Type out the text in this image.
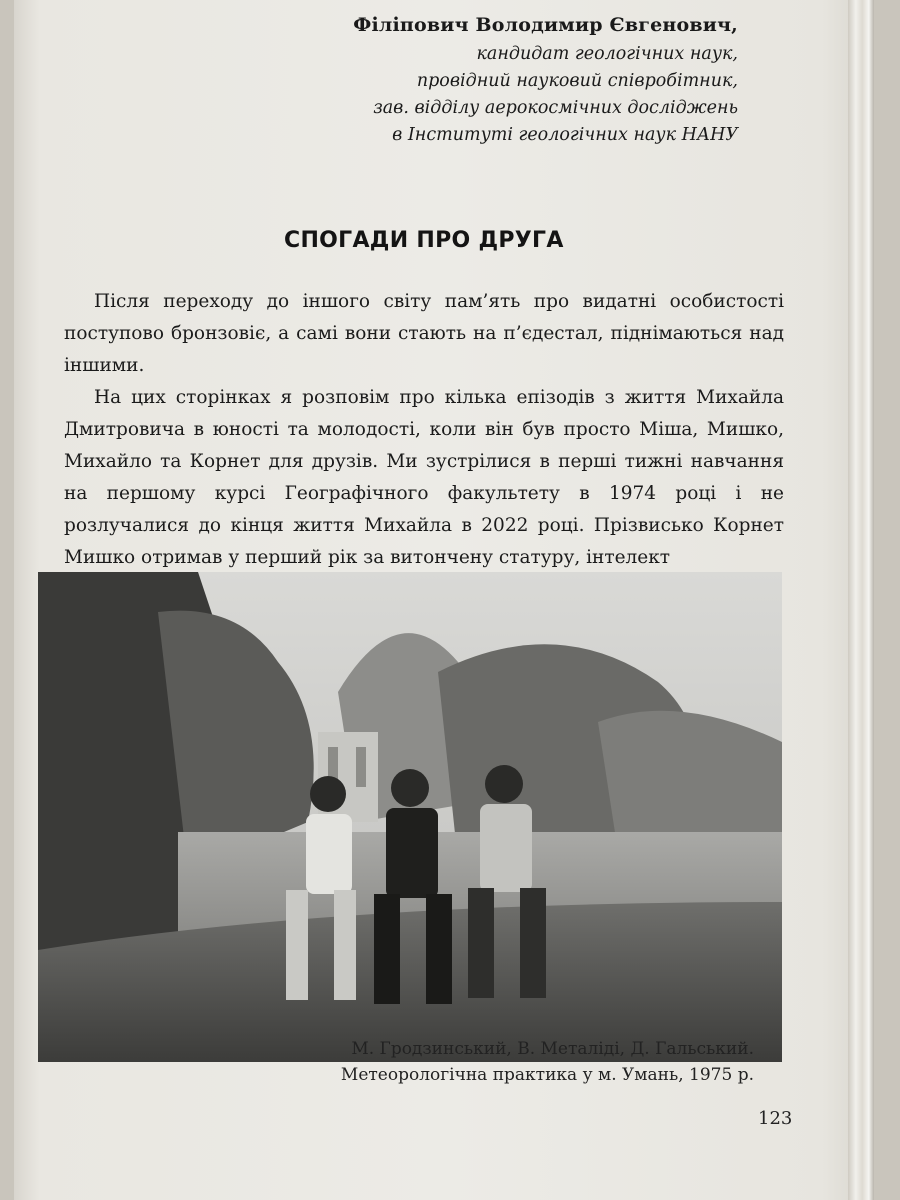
Філіпович Володимир Євгенович,

кандидат геологічних наук,

провідний науковий співробітник,

зав. відділу аерокосмічних досліджень

в Інституті геологічних наук НАНУ

СПОГАДИ ПРО ДРУГА

Після переходу до іншого світу пам’ять про видатні особистості поступово бронзовіє, а самі вони стають на п’єдестал, піднімаються над іншими.

На цих сторінках я розповім про кілька епізодів з життя Михайла Дмитровича в юності та молодості, коли він був просто Міша, Мишко, Михайло та Корнет для друзів. Ми зустрілися в перші тижні навчання на першому курсі Географічного факультету в 1974 році і не розлучалися до кінця життя Михайла в 2022 році. Прізвисько Корнет Мишко отримав у перший рік за витончену статуру, інтелект

М. Гродзинський, В. Металіді, Д. Гальський.

Метеорологічна практика у м. Умань, 1975 р.

123
